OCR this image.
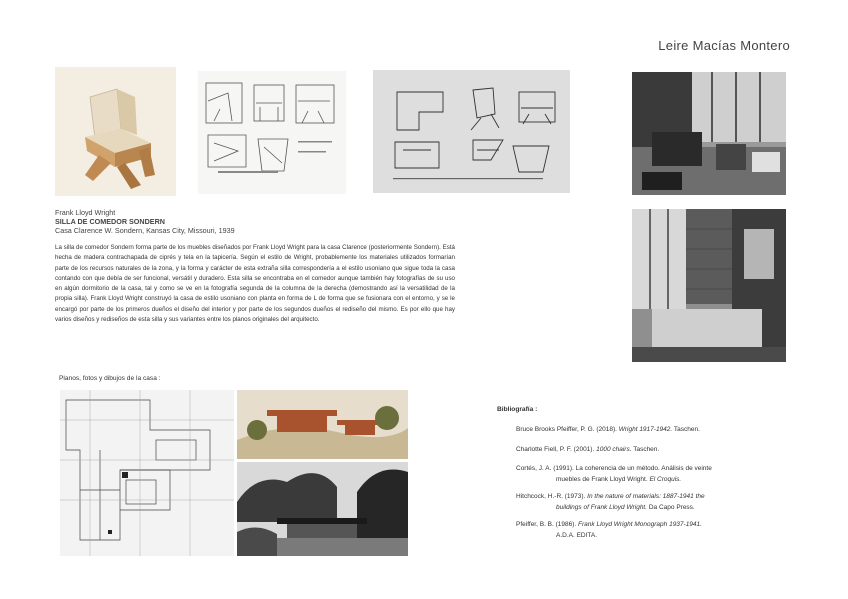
Leire Macías Montero
Frank Lloyd Wright
SILLA DE COMEDOR SONDERN
Casa Clarence W. Sondern, Kansas City, Missouri, 1939
La silla de comedor Sondern forma parte de los muebles diseñados por Frank Lloyd Wright para la casa Clarence (posteriormente Sondern). Está hecha de madera contrachapada de ciprés y tela en la tapicería. Según el estilo de Wright, probablemente los materiales utilizados formarían parte de los recursos naturales de la zona, y la forma y carácter de esta extraña silla correspondería a el estilo usoniano que sigue toda la casa contando con que debía de ser funcional, versátil y duradero. Esta silla se encontraba en el comedor aunque también hay fotografías de su uso en algún dormitorio de la casa, tal y como se ve en la fotografía segunda de la columna de la derecha (demostrando así la versatilidad de la propia silla). Frank Lloyd Wright construyó la casa de estilo usoniano con planta en forma de L de forma que se fusionara con el entorno, y se le encargó por parte de los primeros dueños el diseño del interior y por parte de los segundos dueños el rediseño del mismo. Es por ello que hay varios diseños y rediseños de esta silla y sus variantes entre los planos originales del arquitecto.
Planos, fotos y dibujos de la casa :
Bibliografía :
Bruce Brooks Pfeiffer, P. G. (2018). Wright 1917-1942. Taschen.
Charlotte Fiell, P. F. (2001). 1000 chairs. Taschen.
Cortés, J. A. (1991). La coherencia de un método. Análisis de veinte
muebles de Frank Lloyd Wright. El Croquis.
Hitchcock, H.-R. (1973). In the nature of materials: 1887-1941 the
buildings of Frank Lloyd Wright. Da Capo Press.
Pfeiffer, B. B. (1986). Frank Lloyd Wright Monograph 1937-1941.
A.D.A. EDITA.
